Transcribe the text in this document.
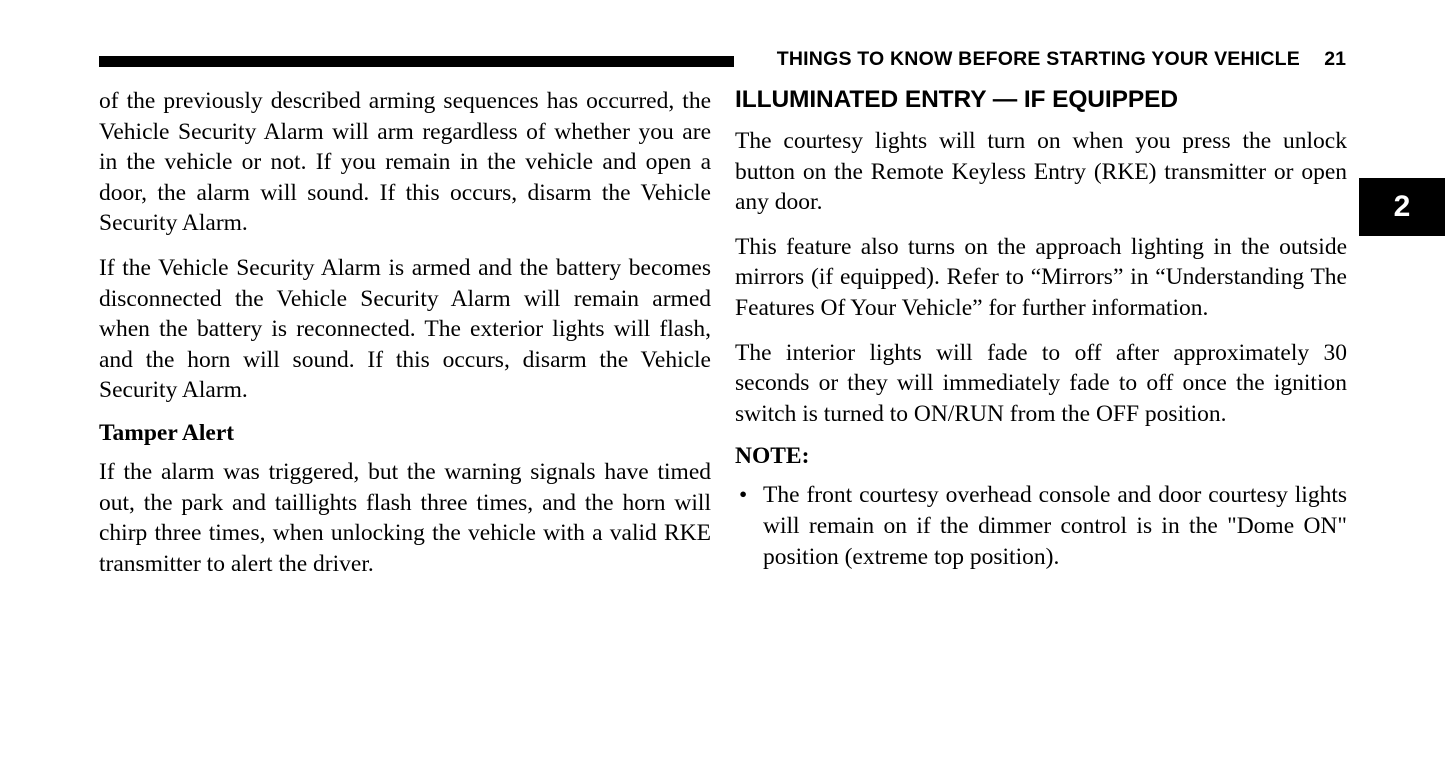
THINGS TO KNOW BEFORE STARTING YOUR VEHICLE 21
2

of the previously described arming sequences has occurred, the Vehicle Security Alarm will arm regardless of whether you are in the vehicle or not. If you remain in the vehicle and open a door, the alarm will sound. If this occurs, disarm the Vehicle Security Alarm.

If the Vehicle Security Alarm is armed and the battery becomes disconnected the Vehicle Security Alarm will remain armed when the battery is reconnected. The exterior lights will flash, and the horn will sound. If this occurs, disarm the Vehicle Security Alarm.

Tamper Alert

If the alarm was triggered, but the warning signals have timed out, the park and taillights flash three times, and the horn will chirp three times, when unlocking the vehicle with a valid RKE transmitter to alert the driver.

ILLUMINATED ENTRY — IF EQUIPPED

The courtesy lights will turn on when you press the unlock button on the Remote Keyless Entry (RKE) transmitter or open any door.

This feature also turns on the approach lighting in the outside mirrors (if equipped). Refer to “Mirrors” in “Understanding The Features Of Your Vehicle” for further information.

The interior lights will fade to off after approximately 30 seconds or they will immediately fade to off once the ignition switch is turned to ON/RUN from the OFF position.

NOTE:
• The front courtesy overhead console and door courtesy lights will remain on if the dimmer control is in the "Dome ON" position (extreme top position).
